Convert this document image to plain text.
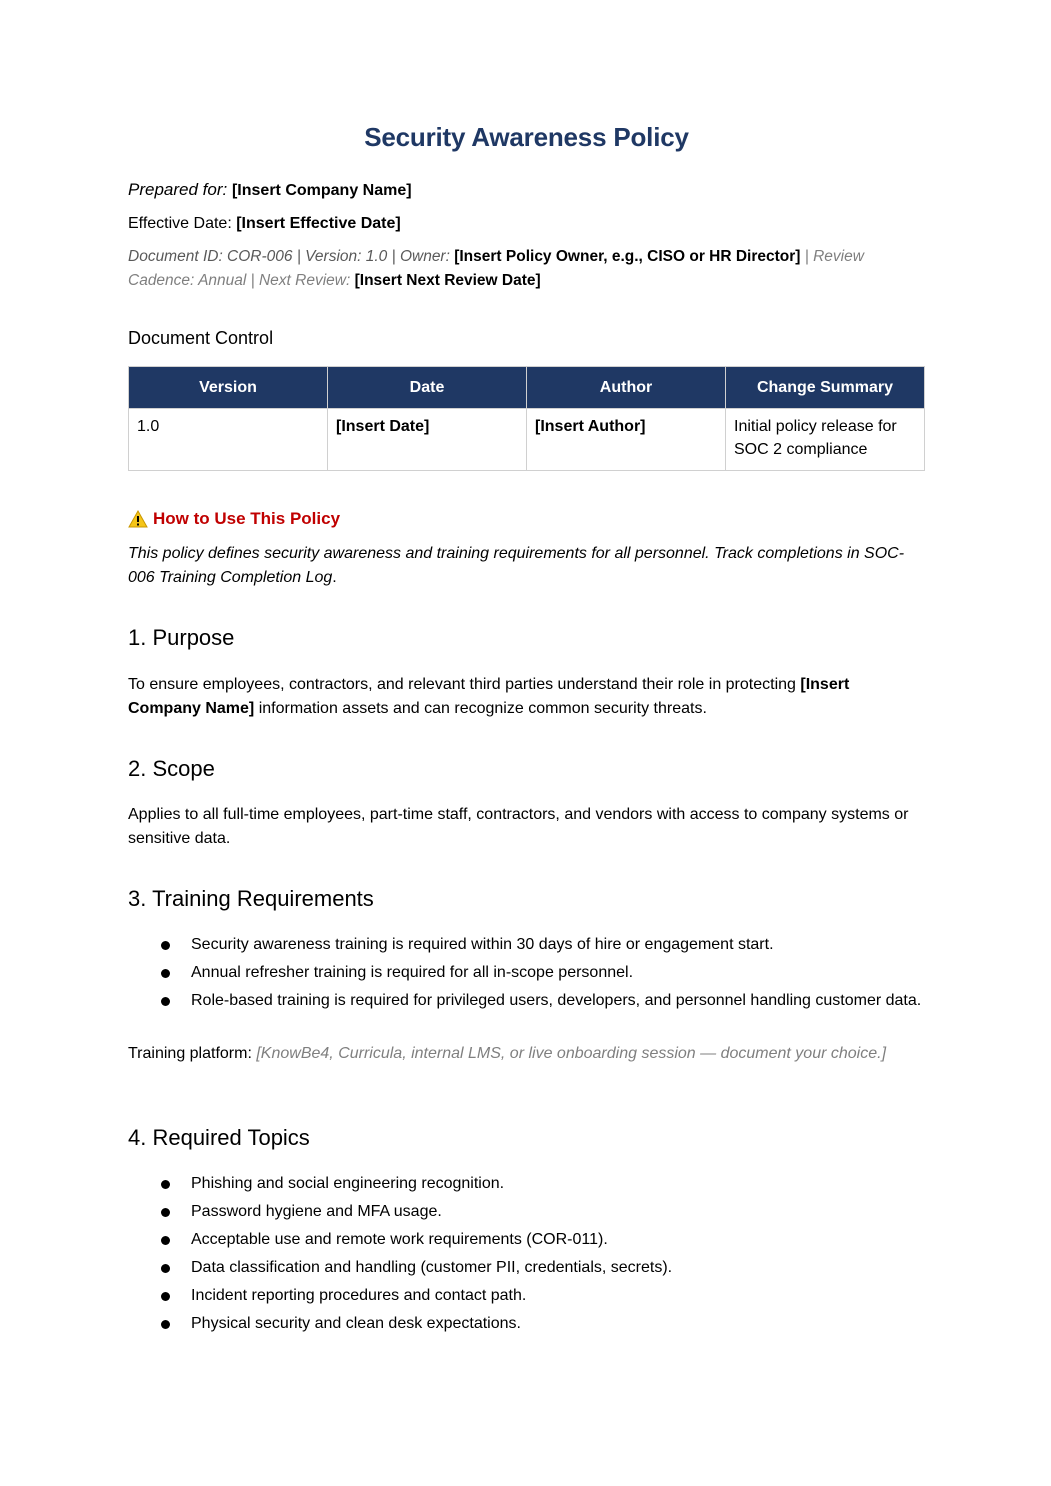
Security Awareness Policy

Prepared for: [Insert Company Name]

Effective Date: [Insert Effective Date]

Document ID: COR-006 | Version: 1.0 | Owner: [Insert Policy Owner, e.g., CISO or HR Director] | Review Cadence: Annual | Next Review: [Insert Next Review Date]

Document Control

Version	Date	Author	Change Summary
1.0	[Insert Date]	[Insert Author]	Initial policy release for SOC 2 compliance

How to Use This Policy

This policy defines security awareness and training requirements for all personnel. Track completions in SOC-006 Training Completion Log.

1. Purpose

To ensure employees, contractors, and relevant third parties understand their role in protecting [Insert Company Name] information assets and can recognize common security threats.

2. Scope

Applies to all full-time employees, part-time staff, contractors, and vendors with access to company systems or sensitive data.

3. Training Requirements
Security awareness training is required within 30 days of hire or engagement start.
Annual refresher training is required for all in-scope personnel.
Role-based training is required for privileged users, developers, and personnel handling customer data.

Training platform: [KnowBe4, Curricula, internal LMS, or live onboarding session — document your choice.]

4. Required Topics
Phishing and social engineering recognition.
Password hygiene and MFA usage.
Acceptable use and remote work requirements (COR-011).
Data classification and handling (customer PII, credentials, secrets).
Incident reporting procedures and contact path.
Physical security and clean desk expectations.
